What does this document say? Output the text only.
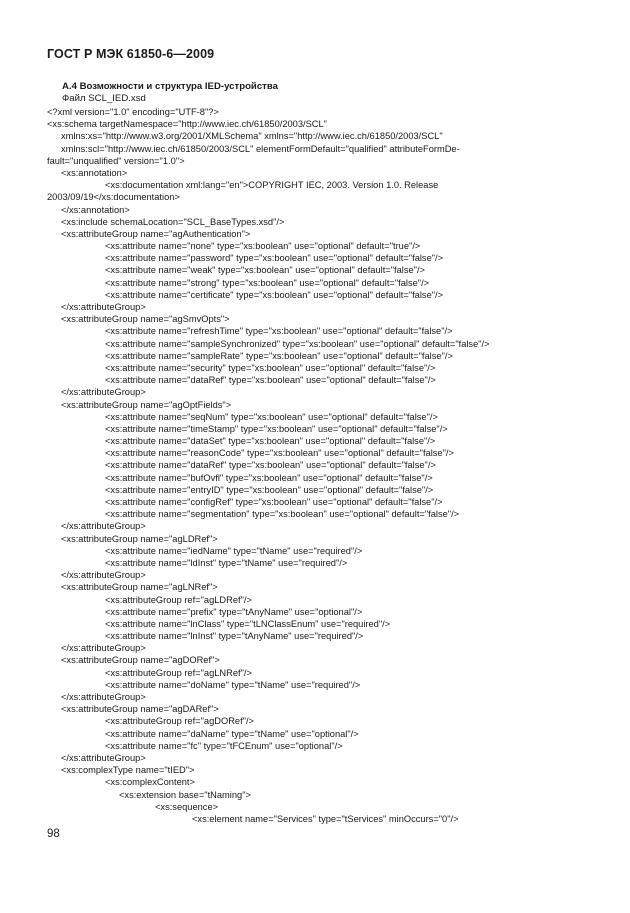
ГОСТ Р МЭК 61850-6—2009
А.4 Возможности и структура IED-устройства
Файл SCL_IED.xsd
<?xml version="1.0" encoding="UTF-8"?>
<xs:schema targetNamespace="http://www.iec.ch/61850/2003/SCL"
xmlns:xs="http://www.w3.org/2001/XMLSchema" xmlns="http://www.iec.ch/61850/2003/SCL"
xmlns:scl="http://www.iec.ch/61850/2003/SCL" elementFormDefault="qualified" attributeFormDe-
fault="unqualified" version="1.0">
<xs:annotation>
<xs:documentation xml:lang="en">COPYRIGHT IEC, 2003. Version 1.0. Release
2003/09/19</xs:documentation>
</xs:annotation>
<xs:include schemaLocation="SCL_BaseTypes.xsd"/>
<xs:attributeGroup name="agAuthentication">
<xs:attribute name="none" type="xs:boolean" use="optional" default="true"/>
<xs:attribute name="password" type="xs:boolean" use="optional" default="false"/>
<xs:attribute name="weak" type="xs:boolean" use="optional" default="false"/>
<xs:attribute name="strong" type="xs:boolean" use="optional" default="false"/>
<xs:attribute name="certificate" type="xs:boolean" use="optional" default="false"/>
</xs:attributeGroup>
<xs:attributeGroup name="agSmvOpts">
<xs:attribute name="refreshTime" type="xs:boolean" use="optional" default="false"/>
<xs:attribute name="sampleSynchronized" type="xs:boolean" use="optional" default="false"/>
<xs:attribute name="sampleRate" type="xs:boolean" use="optional" default="false"/>
<xs:attribute name="security" type="xs:boolean" use="optional" default="false"/>
<xs:attribute name="dataRef" type="xs:boolean" use="optional" default="false"/>
</xs:attributeGroup>
<xs:attributeGroup name="agOptFields">
<xs:attribute name="seqNum" type="xs:boolean" use="optional" default="false"/>
<xs:attribute name="timeStamp" type="xs:boolean" use="optional" default="false"/>
<xs:attribute name="dataSet" type="xs:boolean" use="optional" default="false"/>
<xs:attribute name="reasonCode" type="xs:boolean" use="optional" default="false"/>
<xs:attribute name="dataRef" type="xs:boolean" use="optional" default="false"/>
<xs:attribute name="bufOvfl" type="xs:boolean" use="optional" default="false"/>
<xs:attribute name="entryID" type="xs:boolean" use="optional" default="false"/>
<xs:attribute name="configRef" type="xs:boolean" use="optional" default="false"/>
<xs:attribute name="segmentation" type="xs:boolean" use="optional" default="false"/>
</xs:attributeGroup>
<xs:attributeGroup name="agLDRef">
<xs:attribute name="iedName" type="tName" use="required"/>
<xs:attribute name="ldInst" type="tName" use="required"/>
</xs:attributeGroup>
<xs:attributeGroup name="agLNRef">
<xs:attributeGroup ref="agLDRef"/>
<xs:attribute name="prefix" type="tAnyName" use="optional"/>
<xs:attribute name="lnClass" type="tLNClassEnum" use="required"/>
<xs:attribute name="lnInst" type="tAnyName" use="required"/>
</xs:attributeGroup>
<xs:attributeGroup name="agDORef">
<xs:attributeGroup ref="agLNRef"/>
<xs:attribute name="doName" type="tName" use="required"/>
</xs:attributeGroup>
<xs:attributeGroup name="agDARef">
<xs:attributeGroup ref="agDORef"/>
<xs:attribute name="daName" type="tName" use="optional"/>
<xs:attribute name="fc" type="tFCEnum" use="optional"/>
</xs:attributeGroup>
<xs:complexType name="tIED">
<xs:complexContent>
<xs:extension base="tNaming">
<xs:sequence>
<xs:element name="Services" type="tServices" minOccurs="0"/>
98
